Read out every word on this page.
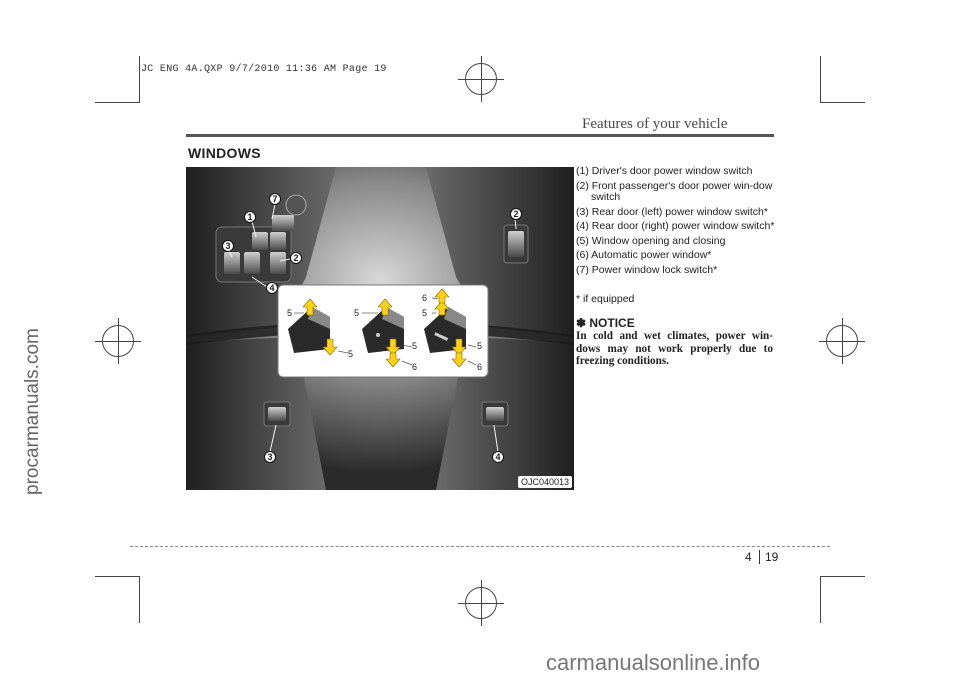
JC ENG 4A.QXP 9/7/2010 11:36 AM Page 19
procarmanuals.com
carmanualsonline.info
Features of your vehicle
WINDOWS
7
1
3
2
4
2
3	4
5
5
5
5
5
6
6
5
6
OJC040013
(1) Driver's door power window switch
(2) Front passenger's door power win-dow switch
(3) Rear door (left) power window switch*
(4) Rear door (right) power window switch*
(5) Window opening and closing
(6) Automatic power window*
(7) Power window lock switch*
* if equipped
✽ NOTICE
In cold and wet climates, power win-dows may not work properly due to freezing conditions.
4 19
